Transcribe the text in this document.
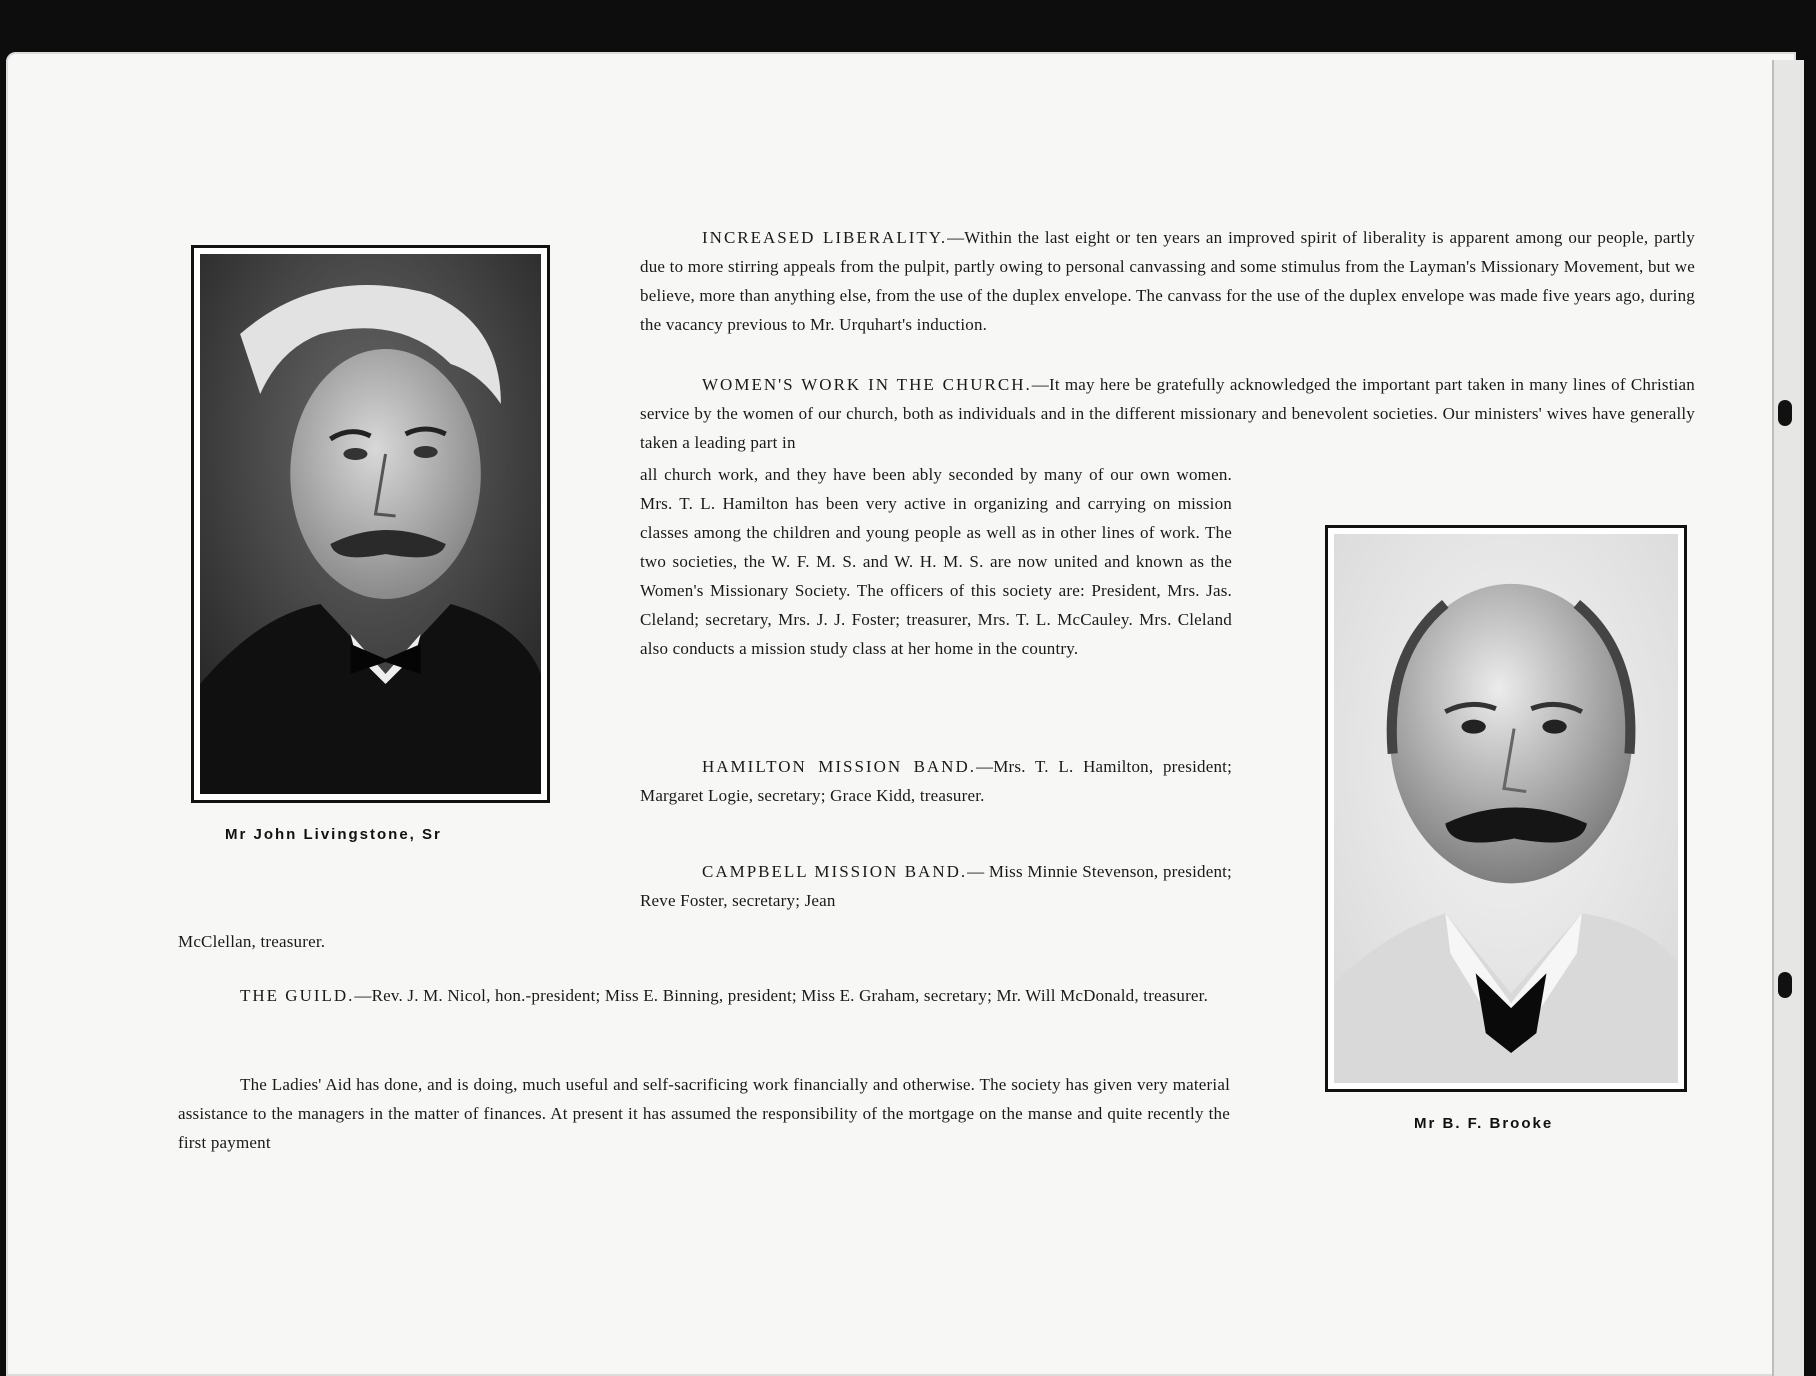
Mr John Livingstone, Sr
Mr B. F. Brooke

INCREASED LIBERALITY.—Within the last eight or ten years an improved spirit of liberality is apparent among our people, partly due to more stirring appeals from the pulpit, partly owing to personal canvassing and some stimulus from the Layman's Missionary Movement, but we believe, more than anything else, from the use of the duplex envelope. The canvass for the use of the duplex envelope was made five years ago, during the vacancy previous to Mr. Urquhart's induction.

WOMEN'S WORK IN THE CHURCH.—It may here be gratefully acknowledged the important part taken in many lines of Christian service by the women of our church, both as individuals and in the different missionary and benevolent societies. Our ministers' wives have generally taken a leading part in

all church work, and they have been ably seconded by many of our own women. Mrs. T. L. Hamilton has been very active in organizing and carrying on mission classes among the children and young people as well as in other lines of work. The two societies, the W. F. M. S. and W. H. M. S. are now united and known as the Women's Missionary Society. The officers of this society are: President, Mrs. Jas. Cleland; secretary, Mrs. J. J. Foster; treasurer, Mrs. T. L. McCauley. Mrs. Cleland also conducts a mission study class at her home in the country.

HAMILTON MISSION BAND.—Mrs. T. L. Hamilton, president; Margaret Logie, secretary; Grace Kidd, treasurer.

CAMPBELL MISSION BAND.— Miss Minnie Stevenson, president; Reve Foster, secretary; Jean

McClellan, treasurer.

THE GUILD.—Rev. J. M. Nicol, hon.-president; Miss E. Binning, president; Miss E. Graham, secretary; Mr. Will McDonald, treasurer.

The Ladies' Aid has done, and is doing, much useful and self-sacrificing work financially and otherwise. The society has given very material assistance to the managers in the matter of finances. At present it has assumed the responsibility of the mortgage on the manse and quite recently the first payment
